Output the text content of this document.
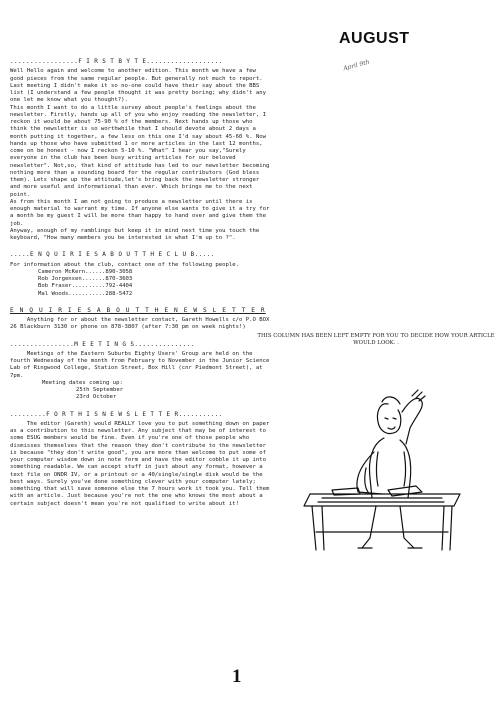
AUGUST
April 9th
.................F I R S T B Y T E...................

Well Hello again and welcome to another edition. This month we have a few good pieces from the same regular people. But generally not much to report. Last meeting I didn't make it so no-one could have their say about the BBS list (I understand a few people thought it was pretty boring; why didn't any one let me know what you thought?).
This month I want to do a little survey about people's feelings about the newsletter. Firstly, hands up all of you who enjoy reading the newsletter, I reckon it would be about 75-90 % of the members. Next hands up those who think the newsletter is so worthwhile that I should devote about 2 days a month putting it together, a few less on this one I'd say about 45-60 %. Now hands up those who have submitted 1 or more articles in the last 12 months, come on be honest - now I reckon 5-10 %. "What" I hear you say,"Surely everyone in the club has been busy writing articles for our beloved newsletter". Not,so, that kind of attitude has led to our newsletter becoming nothing more than a sounding board for the regular contributors (God bless them). Lets shape up the attitude,let's bring back the newsletter stronger and more useful and informational than ever. Which brings me to the next point.
As from this month I am not going to produce a newsletter until there is enough material to warrant my time. If anyone else wants to give it a try for a month be my guest I will be more than happy to hand over and give them the job.
Anyway, enough of my ramblings but keep it in mind next time you touch the keyboard, "How many members you be interested in what I'm up to ?".

.....E N Q U I R I E S A B O U T T H E C L U B.....

For information about the club, contact one of the following people.

Cameron McKern......890-3058
Rob Jorgensen.......870-3603
Bob Fraser..........792-4404
Mal Woods...........288-5472
E N Q U I R I E S A B O U T T H E N E W S L E T T E R

Anything for or about the newsletter contact, Gareth Howells c/o P.O BOX 26 Blackburn 3130 or phone on 878-3807 (after 7:30 pm on week nights!)

................M E E T I N G S...............

Meetings of the Eastern Suburbs Eighty Users' Group are held on the fourth Wednesday of the month from February to November in the Junior Science Lab of Ringwood College, Station Street, Box Hill (cnr Piedmont Street), at 7pm.

Meeting dates coming up:
25th September
23rd October
.........F O R T H I S N E W S L E T T E R...........

The editor (Gareth) would REALLY love you to put something down on paper as a contribution to this newsletter. Any subject that may be of interest to some ESUG members would be fine. Even if you're one of those people who dismisses themselves that the reason they don't contribute to the newsletter is because "they don't write good", you are more than welcome to put some of your computer wisdom down in note form and have the editor cobble it up into something readable. We can accept stuff in just about any format, however a text file on ONDR IV, or a printout or a 40/single/single disk would be the best ways. Surely you've done something clever with your computer lately; something that will save someone else the 7 hours work it took you. Tell them with an article. Just because you're not the one who knows the most about a certain subject doesn't mean you're not qualified to write about it!

THIS COLUMN HAS BEEN LEFT EMPTY FOR YOU TO DECIDE HOW YOUR ARTICLE WOULD LOOK. .
1
